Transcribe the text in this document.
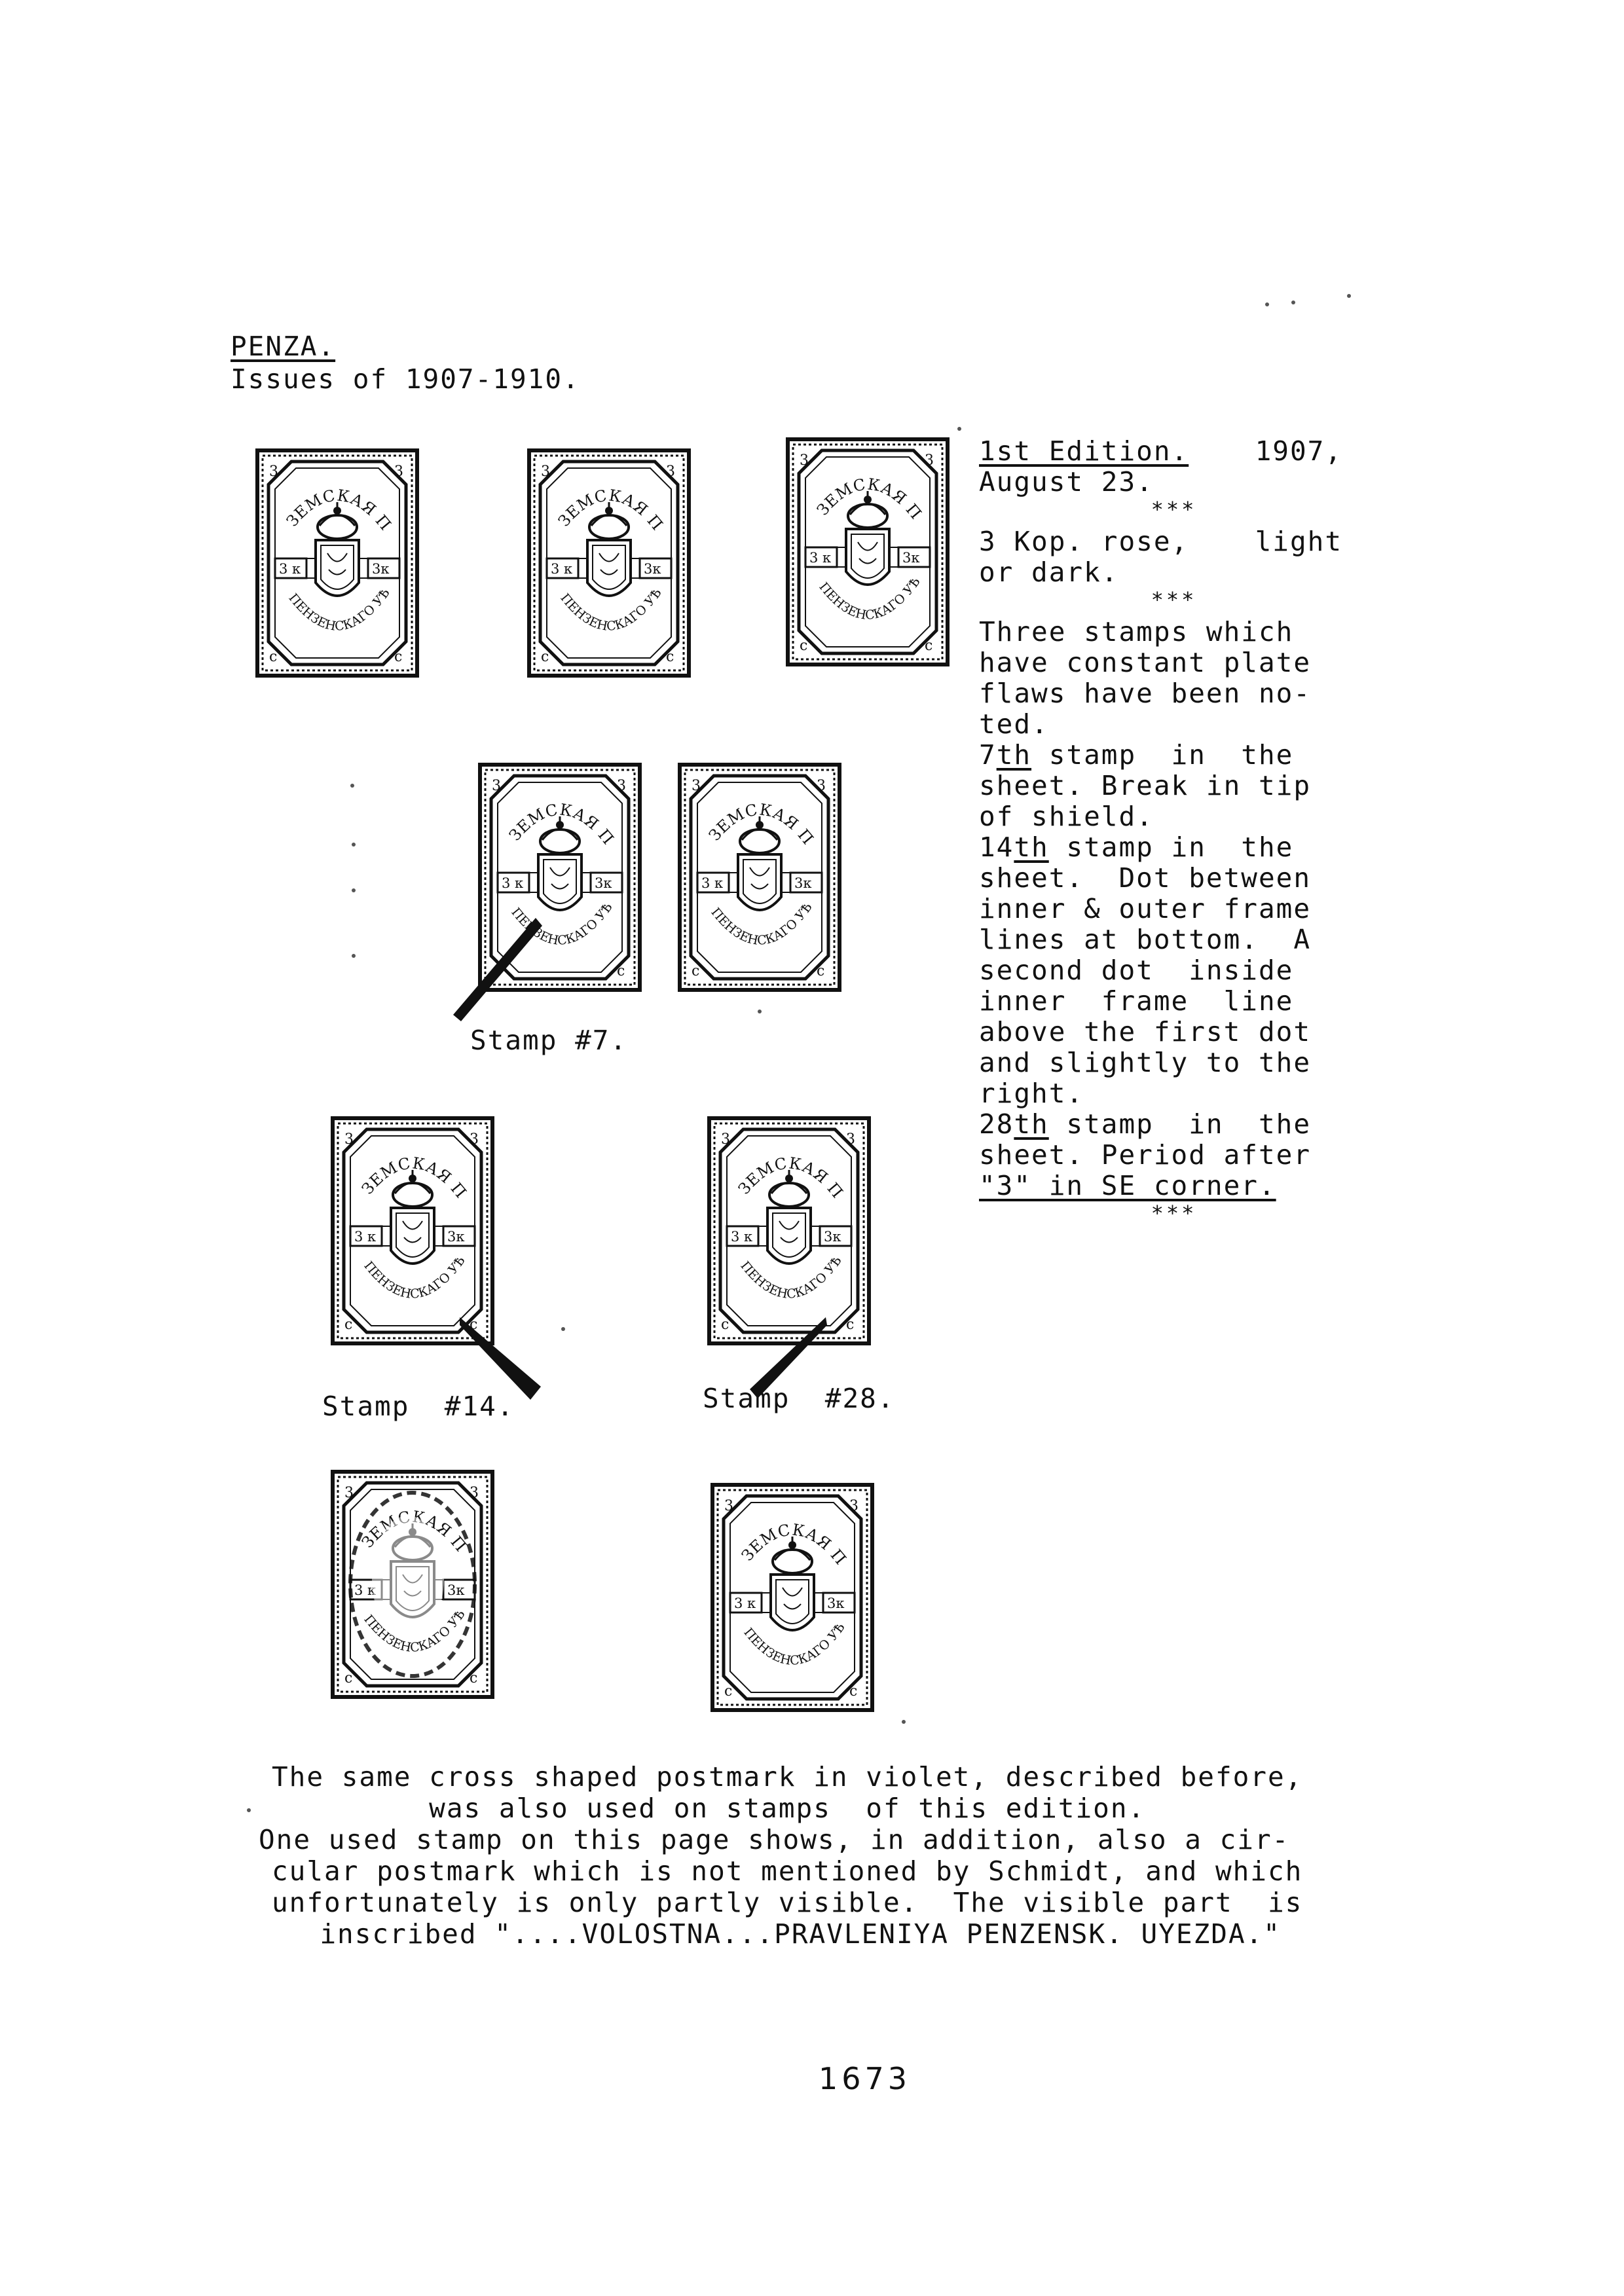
PENZA.
Issues of 1907-1910.
1st Edition. 1907,
August 23.
***
3 Kop. rose, light
or dark.
***
Three stamps which
have constant plate
flaws have been no-
ted.
7 th stamp  in  the
sheet. Break in tip
of shield.
14 th stamp in  the
sheet.  Dot between
inner & outer frame
lines at bottom.  A
second dot  inside
inner  frame  line
above the first dot
and slightly to the
right.
28 th stamp  in  the
sheet. Period after
"3" in SE corner.
***
Stamp #7.
Stamp  #14.	Stamp  #28.
The same cross shaped postmark in violet, described before,
was also used on stamps  of this edition.
One used stamp on this page shows, in addition, also a cir-
cular postmark which is not mentioned by Schmidt, and which
unfortunately is only partly visible.  The visible part  is
inscribed "....VOLOSTNA...PRAVLENIYA PENZENSK. UYEZDA."
1673
